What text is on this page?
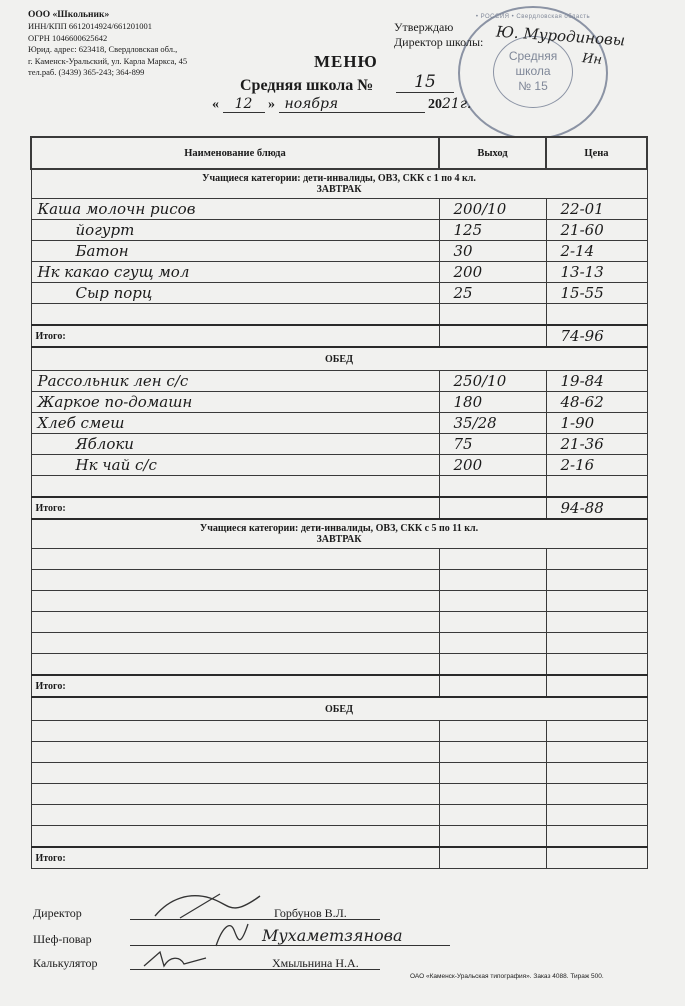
ООО «Школьник»
ИНН/КПП 6612014924/661201001
ОГРН 1046600625642
Юрид. адрес: 623418, Свердловская обл.,
г. Каменск-Уральский, ул. Карла Маркса, 45
тел.раб. (3439) 365-243; 364-899
• РОССИЯ • Свердловская область
Средняя
школа
№ 15
Утверждаю
Директор школы: Ю. Муродиновы
Ин
МЕНЮ
Средняя школа №	15
« 12 » ноября	2021г.
Наименование блюда	Выход	Цена

Учащиеся категории: дети-инвалиды, ОВЗ, СКК с 1 по 4 кл.
ЗАВТРАК		

Каша молочн рисов	200/10	22-01
йогурт	125	21-60
Батон	30	2-14
Нк какао сгущ мол	200	13-13
Сыр порц	25	15-55

Итого:		74-96
ОБЕД		
Рассольник лен с/с	250/10	19-84
Жаркое по-домашн	180	48-62
Хлеб смеш	35/28	1-90
Яблоки	75	21-36
Нк чай с/с	200	2-16

Итого:		94-88

Учащиеся категории: дети-инвалиды, ОВЗ, СКК с 5 по 11 кл.
ЗАВТРАК		

Итого:		
ОБЕД		

Итого:		
Директор	Горбунов В.Л.
Шеф-повар	Мухаметзянова
Калькулятор	Хмыльнина Н.А.
ОАО «Каменск-Уральская типография». Заказ 4088. Тираж 500.
